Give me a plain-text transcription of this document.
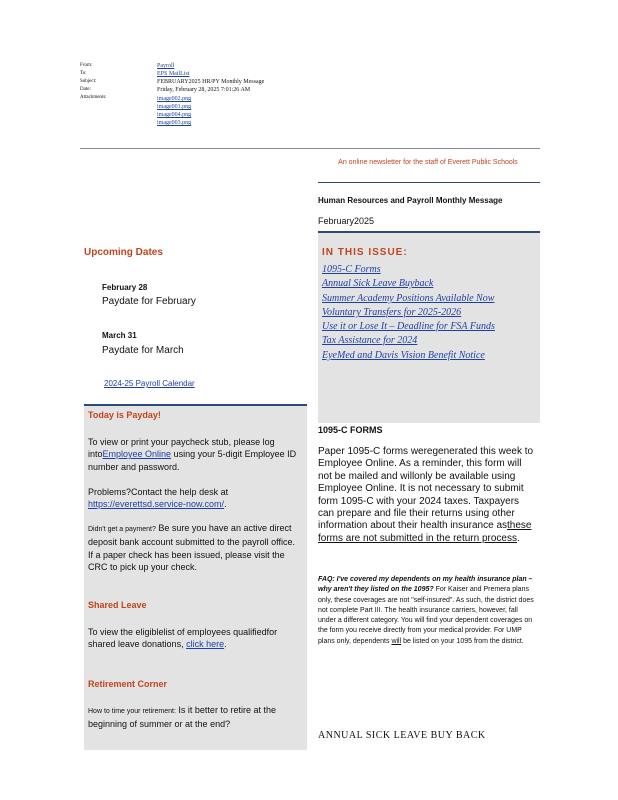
From:	Payroll
To:	EPS MailList
Subject:	FEBRUARY2025 HR/PY Monthly Message
Date:	Friday, February 28, 2025 7:01:26 AM
Attachments:	image002.png
image001.png
image004.png
image003.png
An online newsletter for the staff of Everett Public Schools
Human Resources and Payroll Monthly Message
February2025
IN THIS ISSUE:
1095-C Forms
Annual Sick Leave Buyback
Summer Academy Positions Available Now
Voluntary Transfers for 2025-2026
Use it or Lose It – Deadline for FSA Funds
Tax Assistance for 2024
EyeMed and Davis Vision Benefit Notice
1095-C FORMS
Paper 1095-C forms weregenerated this week to Employee Online. As a reminder, this form will not be mailed and willonly be available using Employee Online. It is not necessary to submit form 1095-C with your 2024 taxes. Taxpayers can prepare and file their returns using other information about their health insurance asthese forms are not submitted in the return process.
FAQ: I've covered my dependents on my health insurance plan – why aren't they listed on the 1095? For Kaiser and Premera plans only, these coverages are not "self-insured". As such, the district does not complete Part III. The health insurance carriers, however, fall under a different category. You will find your dependent coverages on the form you receive directly from your medical provider. For UMP plans only, dependents will be listed on your 1095 from the district.
ANNUAL SICK LEAVE BUY BACK
Upcoming Dates
February 28
Paydate for February
March 31
Paydate for March
2024-25 Payroll Calendar
Today is Payday!
To view or print your paycheck stub, please log intoEmployee Online using your 5-digit Employee ID number and password.
Problems?Contact the help desk at
https://everettsd.service-now.com/.
Didn't get a payment? Be sure you have an active direct deposit bank account submitted to the payroll office. If a paper check has been issued, please visit the CRC to pick up your check.
Shared Leave
To view the eligiblelist of employees qualifiedfor shared leave donations, click here.
Retirement Corner
How to time your retirement: Is it better to retire at the beginning of summer or at the end?
